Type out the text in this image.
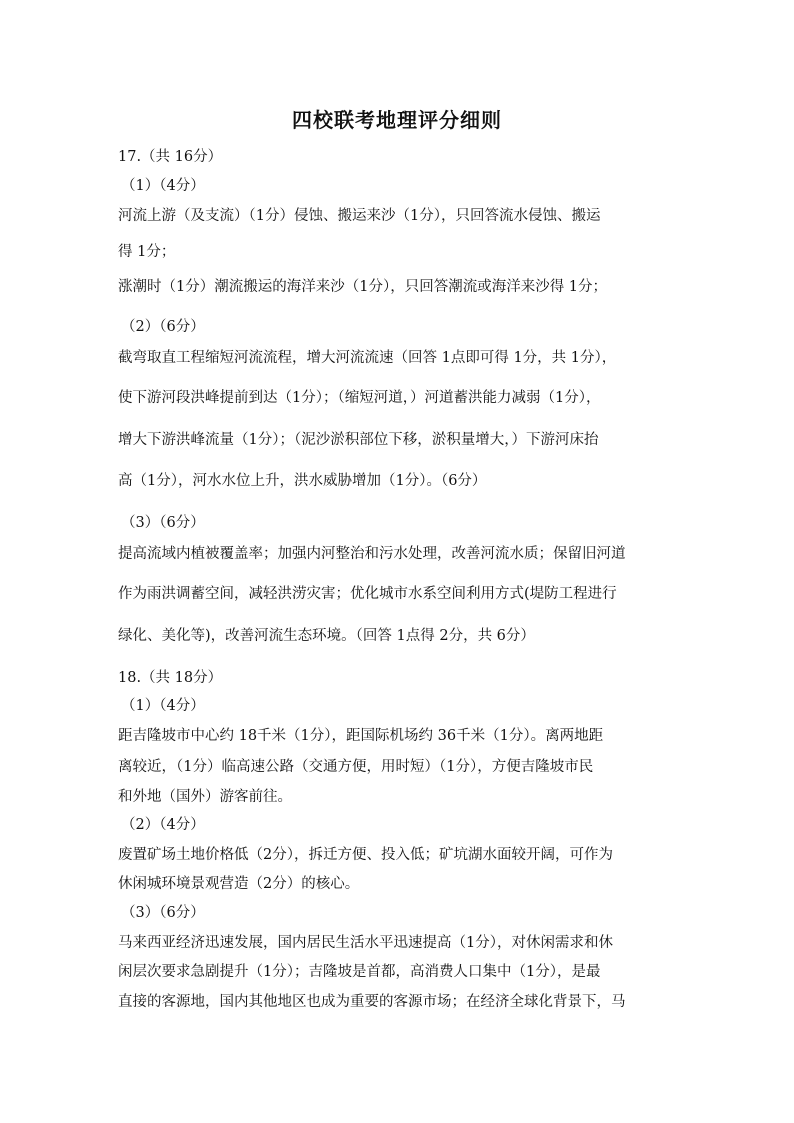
四校联考地理评分细则
17.（共 16分）
（1）（4分）
河流上游（及支流）（1分）侵蚀、搬运来沙（1分），只回答流水侵蚀、搬运
得 1分；
涨潮时（1分）潮流搬运的海洋来沙（1分），只回答潮流或海洋来沙得 1分；
（2）（6分）
截弯取直工程缩短河流流程，增大河流流速（回答 1点即可得 1分，共 1分），
使下游河段洪峰提前到达（1分）；（缩短河道，）河道蓄洪能力减弱（1分），
增大下游洪峰流量（1分）；（泥沙淤积部位下移，淤积量增大，）下游河床抬
高（1分），河水水位上升，洪水威胁增加（1分）。（6分）
（3）（6分）
提高流域内植被覆盖率；加强内河整治和污水处理，改善河流水质；保留旧河道
作为雨洪调蓄空间，减轻洪涝灾害；优化城市水系空间利用方式(堤防工程进行
绿化、美化等)，改善河流生态环境。（回答 1点得 2分，共 6分）
18.（共 18分）
（1）（4分）
距吉隆坡市中心约 18千米（1分），距国际机场约 36千米（1分）。离两地距
离较近，（1分）临高速公路（交通方便，用时短）（1分），方便吉隆坡市民
和外地（国外）游客前往。
（2）（4分）
废置矿场土地价格低（2分），拆迁方便、投入低；矿坑湖水面较开阔，可作为
休闲城环境景观营造（2分）的核心。
（3）（6分）
马来西亚经济迅速发展，国内居民生活水平迅速提高（1分），对休闲需求和休
闲层次要求急剧提升（1分）；吉隆坡是首都，高消费人口集中（1分），是最
直接的客源地，国内其他地区也成为重要的客源市场；在经济全球化背景下，马
